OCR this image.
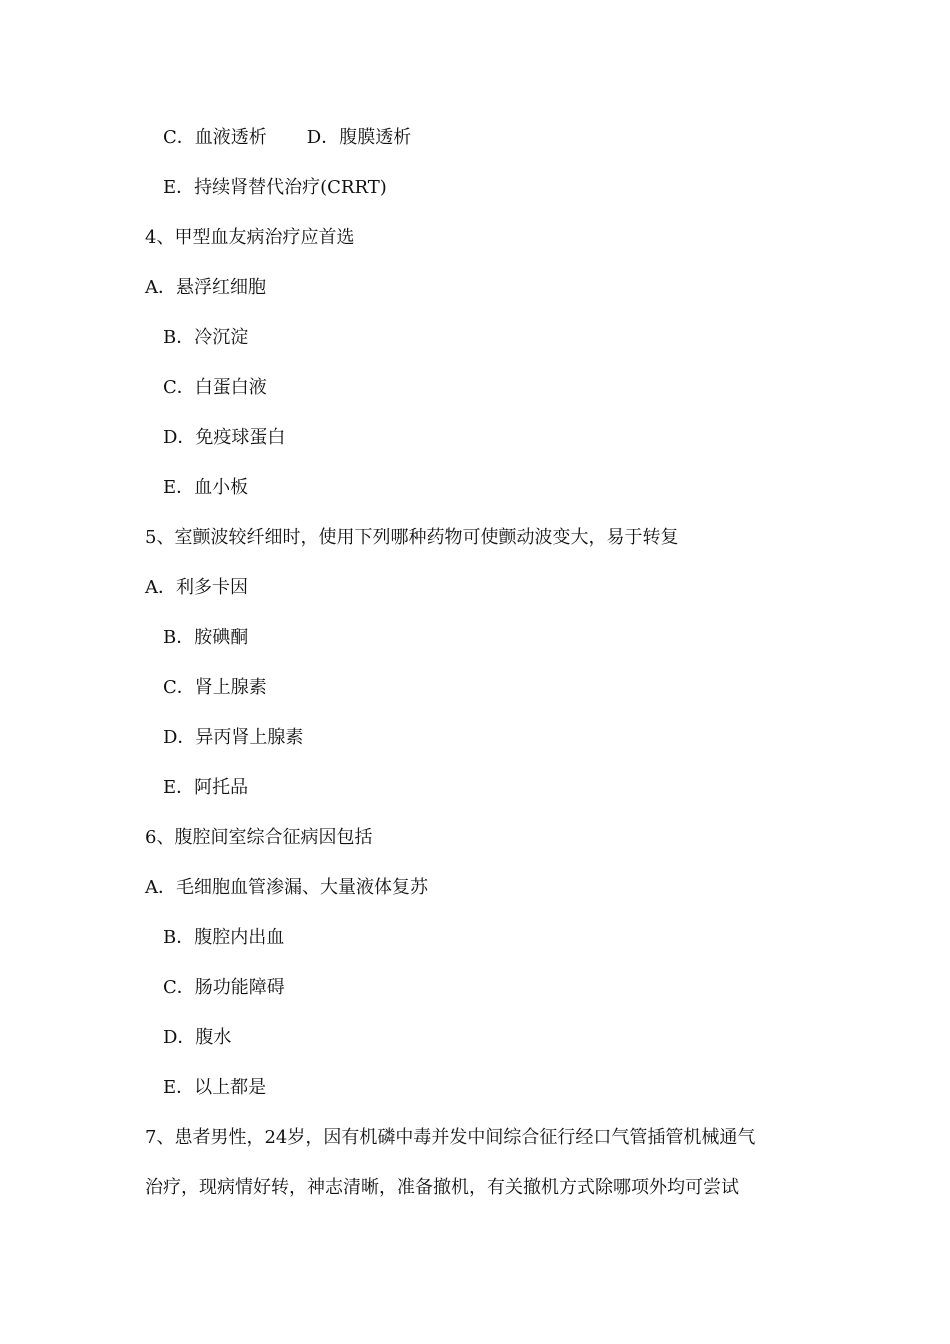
C．血液透析 D．腹膜透析
E．持续肾替代治疗(CRRT)
4、甲型血友病治疗应首选
A．悬浮红细胞
B．冷沉淀
C．白蛋白液
D．免疫球蛋白
E．血小板
5、室颤波较纤细时，使用下列哪种药物可使颤动波变大，易于转复
A．利多卡因
B．胺碘酮
C．肾上腺素
D．异丙肾上腺素
E．阿托品
6、腹腔间室综合征病因包括
A．毛细胞血管渗漏、大量液体复苏
B．腹腔内出血
C．肠功能障碍
D．腹水
E．以上都是
7、患者男性，24岁，因有机磷中毒并发中间综合征行经口气管插管机械通气
治疗，现病情好转，神志清晰，准备撤机，有关撤机方式除哪项外均可尝试
